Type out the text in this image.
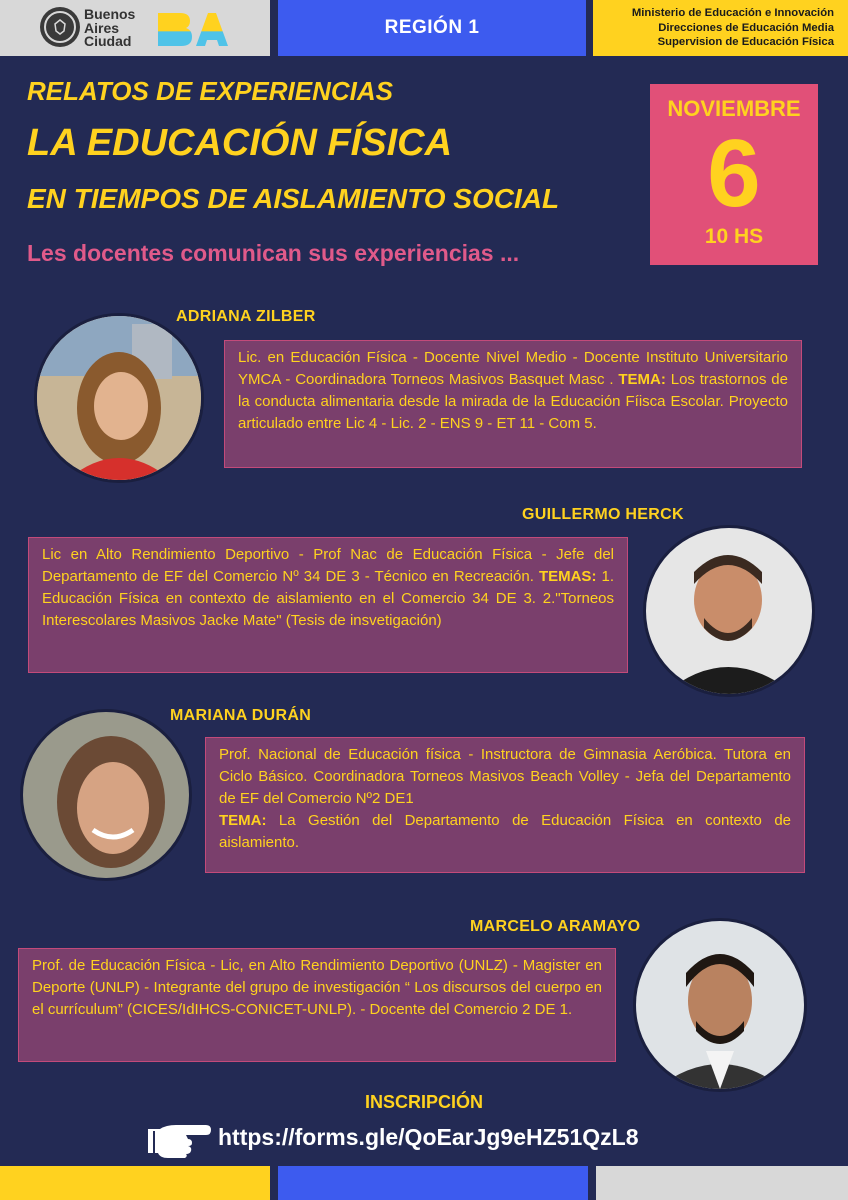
Buenos
Aires
Ciudad
REGIÓN 1
Ministerio de Educación e Innovación
Direcciones de Educación Media
Supervision de Educación Física
RELATOS DE EXPERIENCIAS
LA EDUCACIÓN FÍSICA
EN TIEMPOS DE AISLAMIENTO SOCIAL
Les docentes comunican sus experiencias ...
NOVIEMBRE
6
10 HS
ADRIANA ZILBER
Lic. en Educación Física - Docente Nivel Medio - Docente Instituto Universitario YMCA - Coordinadora Torneos Masivos Basquet Masc . TEMA: Los trastornos de la conducta alimentaria desde la mirada de la Educación Fíisca Escolar. Proyecto articulado entre Lic 4 - Lic. 2 - ENS 9 - ET 11 - Com 5.
GUILLERMO HERCK
Lic en Alto Rendimiento Deportivo - Prof Nac de Educación Física - Jefe del Departamento de EF del Comercio Nº 34 DE 3 - Técnico en Recreación. TEMAS: 1. Educación Física en contexto de aislamiento en el Comercio 34 DE 3. 2."Torneos Interescolares Masivos Jacke Mate" (Tesis de insvetigación)
MARIANA DURÁN
Prof. Nacional de Educación física - Instructora de Gimnasia Aeróbica. Tutora en Ciclo Básico. Coordinadora Torneos Masivos Beach Volley - Jefa del Departamento de EF del Comercio Nº2 DE1
TEMA: La Gestión del Departamento de Educación Física en contexto de aislamiento.
MARCELO ARAMAYO
Prof. de Educación Física - Lic, en Alto Rendimiento Deportivo (UNLZ) - Magister en Deporte (UNLP) - Integrante del grupo de investigación “ Los discursos del cuerpo en el currículum” (CICES/IdIHCS-CONICET-UNLP). - Docente del Comercio 2 DE 1.
INSCRIPCIÓN
https://forms.gle/QoEarJg9eHZ51QzL8
